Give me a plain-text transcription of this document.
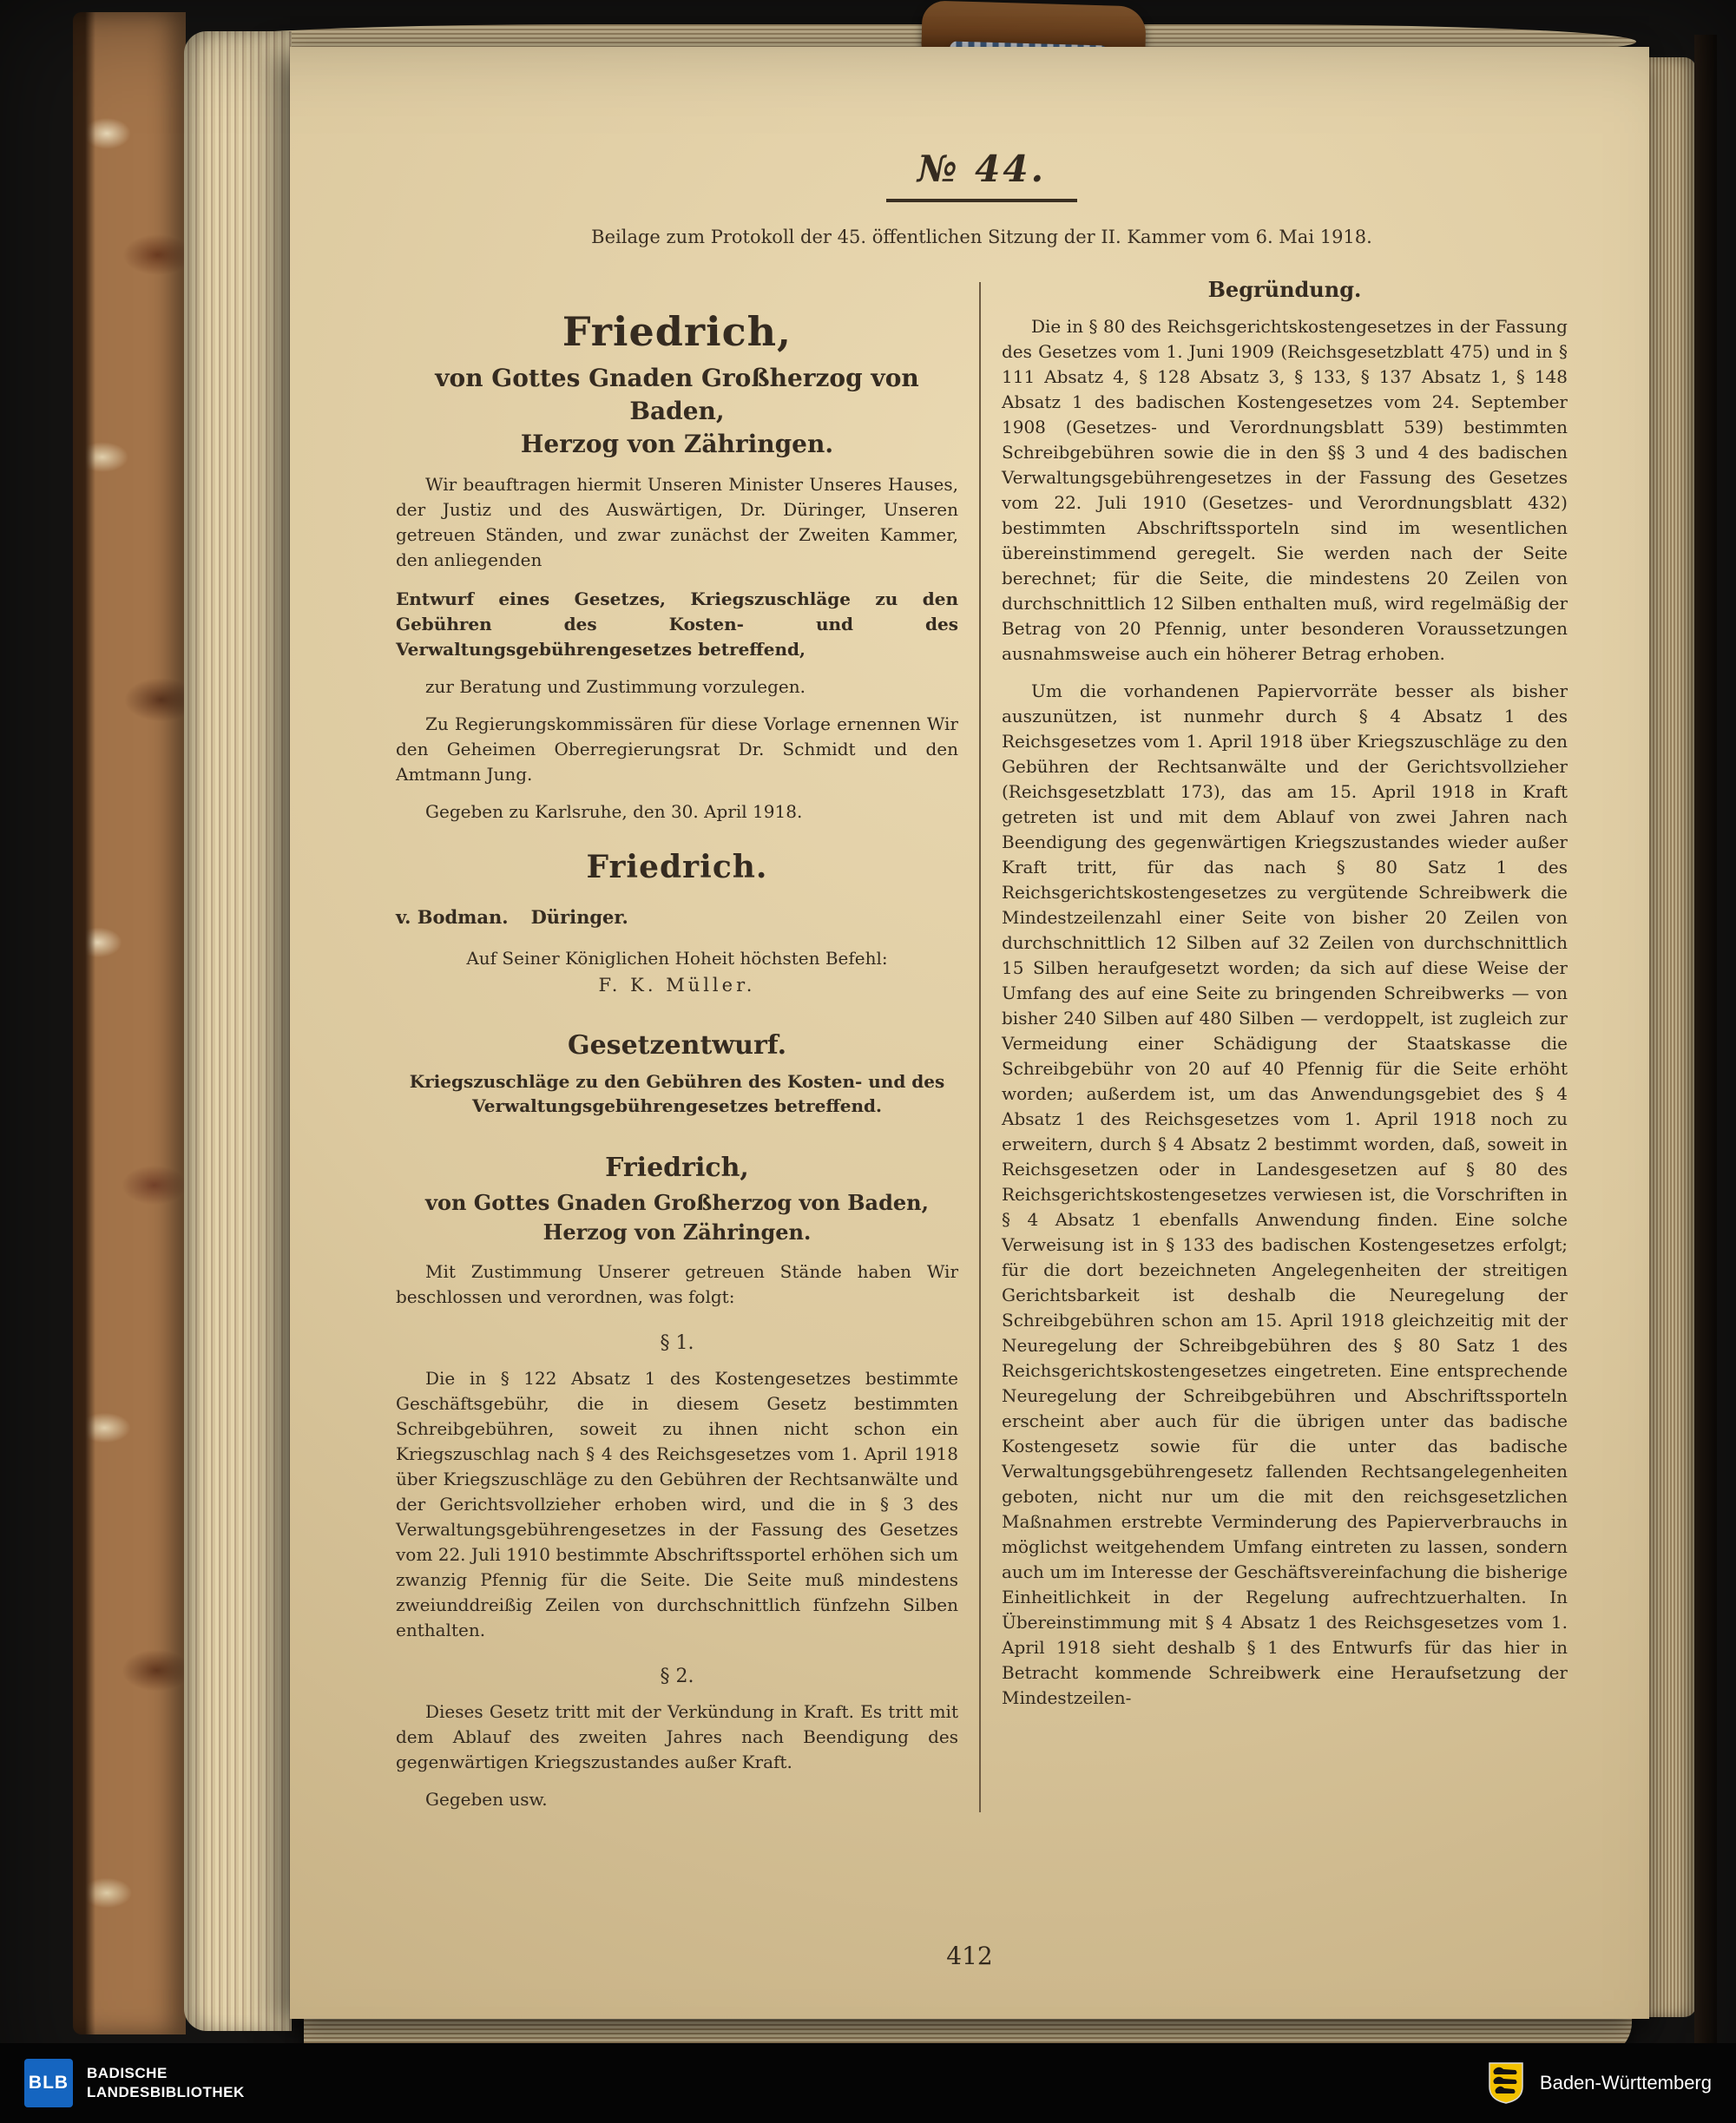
№ 44.
Beilage zum Protokoll der 45. öffentlichen Sitzung der II. Kammer vom 6. Mai 1918.
Friedrich,
von Gottes Gnaden Großherzog von Baden,
Herzog von Zähringen.
Wir beauftragen hiermit Unseren Minister Unseres Hauses, der Justiz und des Auswärtigen, Dr. Düringer, Unseren getreuen Ständen, und zwar zunächst der Zweiten Kammer, den anliegenden
Entwurf eines Gesetzes, Kriegszuschläge zu den Gebühren des Kosten- und des Verwaltungsgebührengesetzes betreffend,
zur Beratung und Zustimmung vorzulegen.
Zu Regierungskommissären für diese Vorlage ernennen Wir den Geheimen Oberregierungsrat Dr. Schmidt und den Amtmann Jung.
Gegeben zu Karlsruhe, den 30. April 1918.
Friedrich.
v. Bodman. Düringer.
Auf Seiner Königlichen Hoheit höchsten Befehl:
F. K. Müller.
Gesetzentwurf.
Kriegszuschläge zu den Gebühren des Kosten- und des Verwaltungsgebührengesetzes betreffend.
Friedrich,
von Gottes Gnaden Großherzog von Baden,
Herzog von Zähringen.
Mit Zustimmung Unserer getreuen Stände haben Wir beschlossen und verordnen, was folgt:
§ 1.
Die in § 122 Absatz 1 des Kostengesetzes bestimmte Geschäftsgebühr, die in diesem Gesetz bestimmten Schreibgebühren, soweit zu ihnen nicht schon ein Kriegszuschlag nach § 4 des Reichsgesetzes vom 1. April 1918 über Kriegszuschläge zu den Gebühren der Rechtsanwälte und der Gerichtsvollzieher erhoben wird, und die in § 3 des Verwaltungsgebührengesetzes in der Fassung des Gesetzes vom 22. Juli 1910 bestimmte Abschriftssportel erhöhen sich um zwanzig Pfennig für die Seite. Die Seite muß mindestens zweiunddreißig Zeilen von durchschnittlich fünfzehn Silben enthalten.
§ 2.
Dieses Gesetz tritt mit der Verkündung in Kraft. Es tritt mit dem Ablauf des zweiten Jahres nach Beendigung des gegenwärtigen Kriegszustandes außer Kraft.
Gegeben usw.
Begründung.
Die in § 80 des Reichsgerichtskostengesetzes in der Fassung des Gesetzes vom 1. Juni 1909 (Reichsgesetzblatt 475) und in § 111 Absatz 4, § 128 Absatz 3, § 133, § 137 Absatz 1, § 148 Absatz 1 des badischen Kostengesetzes vom 24. September 1908 (Gesetzes- und Verordnungsblatt 539) bestimmten Schreibgebühren sowie die in den §§ 3 und 4 des badischen Verwaltungsgebührengesetzes in der Fassung des Gesetzes vom 22. Juli 1910 (Gesetzes- und Verordnungsblatt 432) bestimmten Abschriftssporteln sind im wesentlichen übereinstimmend geregelt. Sie werden nach der Seite berechnet; für die Seite, die mindestens 20 Zeilen von durchschnittlich 12 Silben enthalten muß, wird regelmäßig der Betrag von 20 Pfennig, unter besonderen Voraussetzungen ausnahmsweise auch ein höherer Betrag erhoben.
Um die vorhandenen Papiervorräte besser als bisher auszunützen, ist nunmehr durch § 4 Absatz 1 des Reichsgesetzes vom 1. April 1918 über Kriegszuschläge zu den Gebühren der Rechtsanwälte und der Gerichtsvollzieher (Reichsgesetzblatt 173), das am 15. April 1918 in Kraft getreten ist und mit dem Ablauf von zwei Jahren nach Beendigung des gegenwärtigen Kriegszustandes wieder außer Kraft tritt, für das nach § 80 Satz 1 des Reichsgerichtskostengesetzes zu vergütende Schreibwerk die Mindestzeilenzahl einer Seite von bisher 20 Zeilen von durchschnittlich 12 Silben auf 32 Zeilen von durchschnittlich 15 Silben heraufgesetzt worden; da sich auf diese Weise der Umfang des auf eine Seite zu bringenden Schreibwerks — von bisher 240 Silben auf 480 Silben — verdoppelt, ist zugleich zur Vermeidung einer Schädigung der Staatskasse die Schreibgebühr von 20 auf 40 Pfennig für die Seite erhöht worden; außerdem ist, um das Anwendungsgebiet des § 4 Absatz 1 des Reichsgesetzes vom 1. April 1918 noch zu erweitern, durch § 4 Absatz 2 bestimmt worden, daß, soweit in Reichsgesetzen oder in Landesgesetzen auf § 80 des Reichsgerichtskostengesetzes verwiesen ist, die Vorschriften in § 4 Absatz 1 ebenfalls Anwendung finden. Eine solche Verweisung ist in § 133 des badischen Kostengesetzes erfolgt; für die dort bezeichneten Angelegenheiten der streitigen Gerichtsbarkeit ist deshalb die Neuregelung der Schreibgebühren schon am 15. April 1918 gleichzeitig mit der Neuregelung der Schreibgebühren des § 80 Satz 1 des Reichsgerichtskostengesetzes eingetreten. Eine entsprechende Neuregelung der Schreibgebühren und Abschriftssporteln erscheint aber auch für die übrigen unter das badische Kostengesetz sowie für die unter das badische Verwaltungsgebührengesetz fallenden Rechtsangelegenheiten geboten, nicht nur um die mit den reichsgesetzlichen Maßnahmen erstrebte Verminderung des Papierverbrauchs in möglichst weitgehendem Umfang eintreten zu lassen, sondern auch um im Interesse der Geschäftsvereinfachung die bisherige Einheitlichkeit in der Regelung aufrechtzuerhalten. In Übereinstimmung mit § 4 Absatz 1 des Reichsgesetzes vom 1. April 1918 sieht deshalb § 1 des Entwurfs für das hier in Betracht kommende Schreibwerk eine Heraufsetzung der Mindestzeilen-
412
BLB BADISCHE
LANDESBIBLIOTHEK	Baden-Württemberg
